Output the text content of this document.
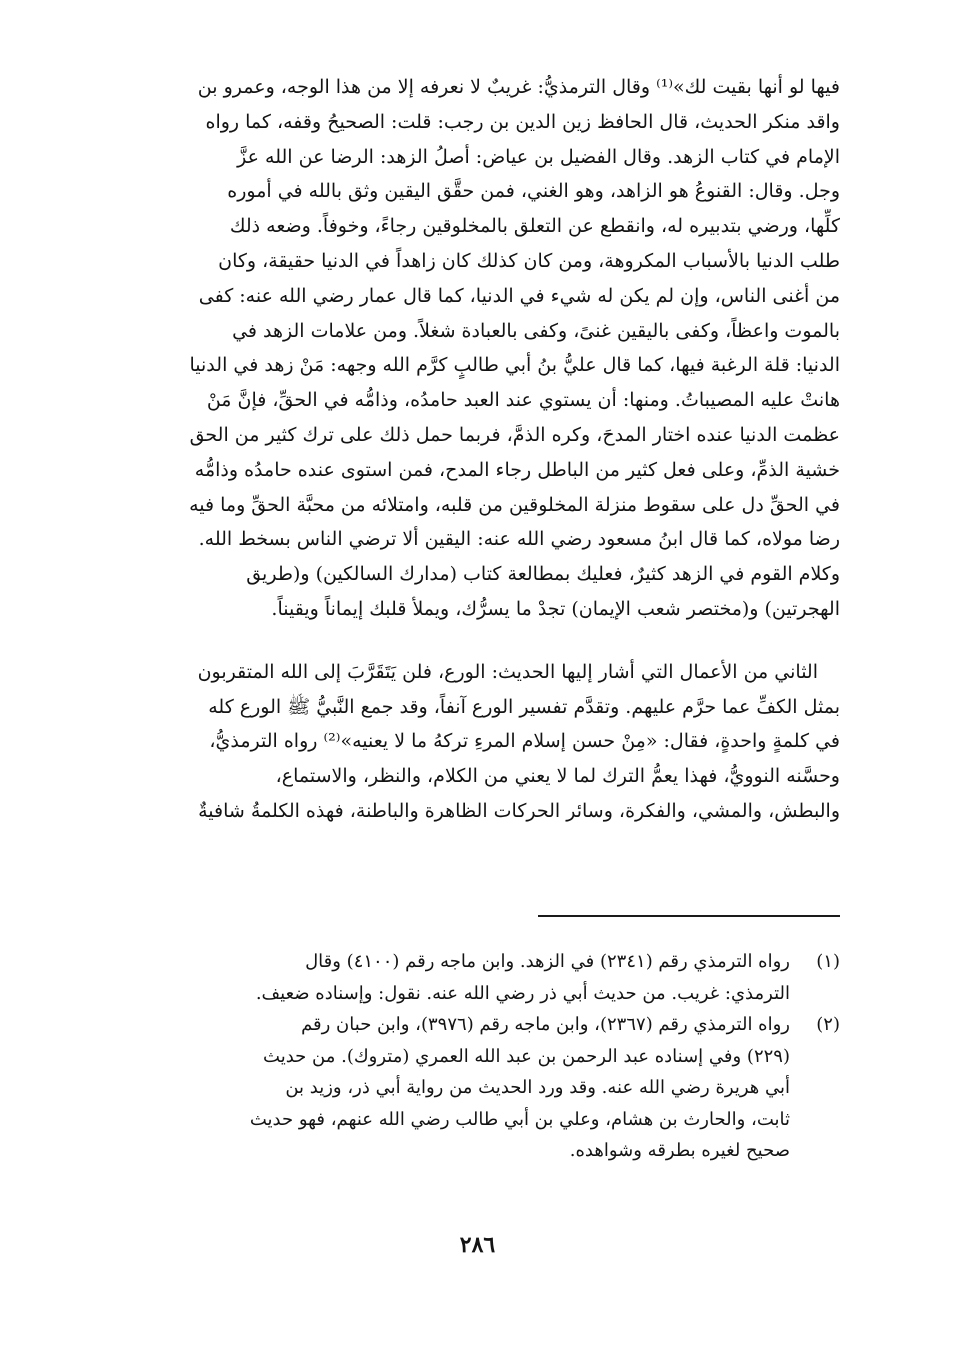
فيها لو أنها بقيت لك»⁽¹⁾ وقال الترمذيُّ: غريبٌ لا نعرفه إلا من هذا الوجه، وعمرو بن
واقد منكر الحديث، قال الحافظ زين الدين بن رجب: قلت: الصحيحُ وقفه، كما رواه
الإمام في كتاب الزهد. وقال الفضيل بن عياض: أصلُ الزهد: الرضا عن الله عزَّ
وجل. وقال: القنوعُ هو الزاهد، وهو الغني، فمن حقَّق اليقين وثق بالله في أموره
كلِّها، ورضي بتدبيره له، وانقطع عن التعلق بالمخلوقين رجاءً، وخوفاً. وضعه ذلك
طلب الدنيا بالأسباب المكروهة، ومن كان كذلك كان زاهداً في الدنيا حقيقة، وكان
من أغنى الناس، وإن لم يكن له شيء في الدنيا، كما قال عمار رضي الله عنه: كفى
بالموت واعظاً، وكفى باليقين غنىً، وكفى بالعبادة شغلاً. ومن علامات الزهد في
الدنيا: قلة الرغبة فيها، كما قال عليُّ بنُ أبي طالبٍ كرَّم الله وجهه: مَنْ زهد في الدنيا
هانتْ عليه المصيباتُ. ومنها: أن يستوي عند العبد حامدُه، وذامُّه في الحقِّ، فإنَّ مَنْ
عظمت الدنيا عنده اختار المدحَ، وكره الذمَّ، فربما حمل ذلك على ترك كثير من الحق
خشية الذمِّ، وعلى فعل كثير من الباطل رجاء المدح، فمن استوى عنده حامدُه وذامُّه
في الحقِّ دل على سقوط منزلة المخلوقين من قلبه، وامتلائه من محبَّة الحقِّ وما فيه
رضا مولاه، كما قال ابنُ مسعود رضي الله عنه: اليقين ألا ترضي الناس بسخط الله.
وكلام القوم في الزهد كثيرٌ، فعليك بمطالعة كتاب (مدارك السالكين) و(طريق
الهجرتين) و(مختصر شعب الإيمان) تجدْ ما يسرُّك، ويملأ قلبك إيماناً ويقيناً.
الثاني من الأعمال التي أشار إليها الحديث: الورع، فلن يَتَقَرَّبَ إلى الله المتقربون
بمثل الكفِّ عما حرَّم عليهم. وتقدَّم تفسير الورع آنفاً، وقد جمع النَّبيُّ ﷺ الورع كله
في كلمةٍ واحدةٍ، فقال: «مِنْ حسن إسلام المرءِ تركهُ ما لا يعنيه»⁽²⁾ رواه الترمذيُّ،
وحسَّنه النوويُّ، فهذا يعمُّ الترك لما لا يعني من الكلام، والنظر، والاستماع،
والبطش، والمشي، والفكرة، وسائر الحركات الظاهرة والباطنة، فهذه الكلمةُ شافيةٌ
(١)رواه الترمذي رقم (٢٣٤١) في الزهد. وابن ماجه رقم (٤١٠٠) وقال
الترمذي: غريب. من حديث أبي ذر رضي الله عنه. نقول: وإسناده ضعيف.
(٢)رواه الترمذي رقم (٢٣٦٧)، وابن ماجه رقم (٣٩٧٦)، وابن حبان رقم
(٢٢٩) وفي إسناده عبد الرحمن بن عبد الله العمري (متروك). من حديث
أبي هريرة رضي الله عنه. وقد ورد الحديث من رواية أبي ذر، وزيد بن
ثابت، والحارث بن هشام، وعلي بن أبي طالب رضي الله عنهم، فهو حديث
صحيح لغيره بطرقه وشواهده.
٢٨٦
